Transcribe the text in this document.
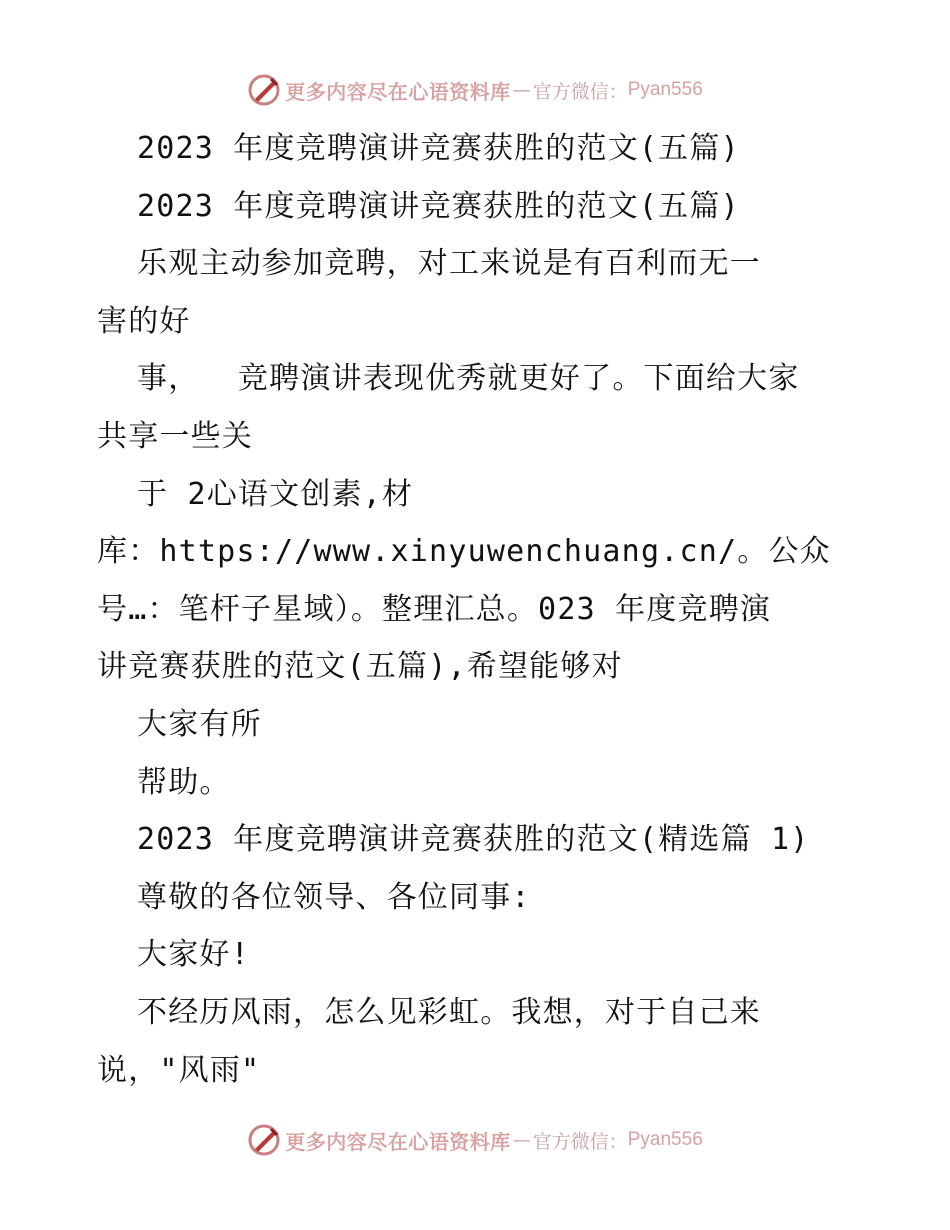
更多内容尽在心语资料库 — 官方微信： Pyan556
2023 年度竞聘演讲竞赛获胜的范文(五篇)
2023 年度竞聘演讲竞赛获胜的范文(五篇)
乐观主动参加竞聘，对工来说是有百利而无一
害的好
事，  竞聘演讲表现优秀就更好了。下面给大家
共享一些关
于 2心语文创素,材
库：https://www.xinyuwenchuang.cn/。公众
号…：笔杆子星域）。整理汇总。023 年度竞聘演
讲竞赛获胜的范文(五篇),希望能够对
大家有所
帮助。
2023 年度竞聘演讲竞赛获胜的范文(精选篇 1)
尊敬的各位领导、各位同事:
大家好!
不经历风雨，怎么见彩虹。我想，对于自己来
说，"风雨"
更多内容尽在心语资料库 — 官方微信： Pyan556
